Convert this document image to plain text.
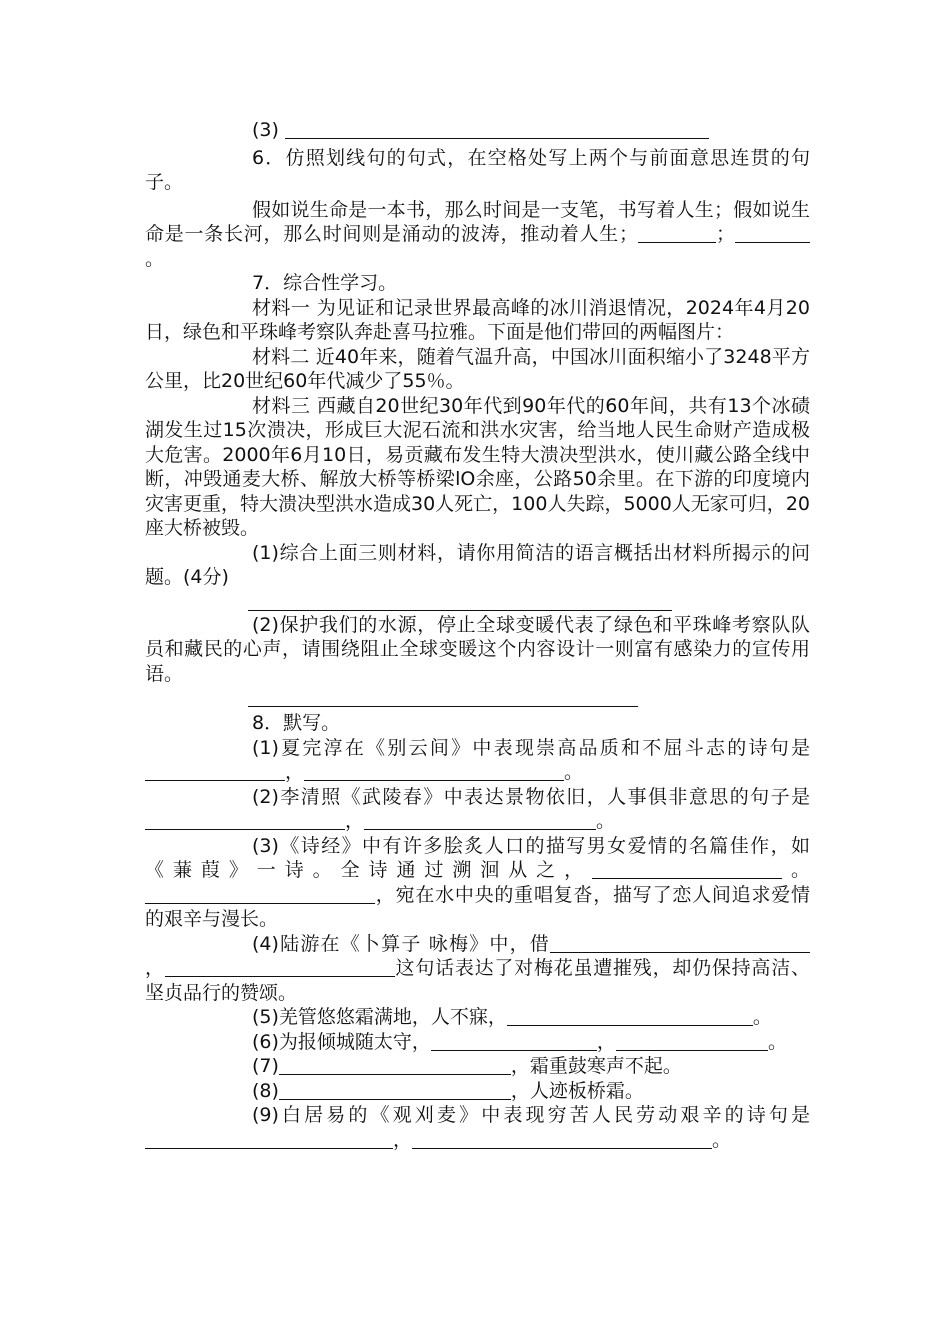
(3)

6．仿照划线句的句式，在空格处写上两个与前面意思连贯的句子。

假如说生命是一本书，那么时间是一支笔，书写着人生；假如说生命是一条长河，那么时间则是涌动的波涛，推动着人生；	；。

7．综合性学习。

材料一 为见证和记录世界最高峰的冰川消退情况，2024年4月20日，绿色和平珠峰考察队奔赴喜马拉雅。下面是他们带回的两幅图片：

材料二 近40年来，随着气温升高，中国冰川面积缩小了3248平方公里，比20世纪60年代减少了55％。

材料三 西藏自20世纪30年代到90年代的60年间，共有13个冰碛湖发生过15次溃决，形成巨大泥石流和洪水灾害，给当地人民生命财产造成极大危害。2000年6月10日，易贡藏布发生特大溃决型洪水，使川藏公路全线中断，冲毁通麦大桥、解放大桥等桥梁lO余座，公路50余里。在下游的印度境内灾害更重，特大溃决型洪水造成30人死亡，100人失踪，5000人无家可归，20座大桥被毁。

(1)综合上面三则材料，请你用简洁的语言概括出材料所揭示的问题。(4分)

(2)保护我们的水源，停止全球变暖代表了绿色和平珠峰考察队队员和藏民的心声，请围绕阻止全球变暖这个内容设计一则富有感染力的宣传用语。

8．默写。

(1)夏完淳在《别云间》中表现崇高品质和不屈斗志的诗句是，	。

(2)李清照《武陵春》中表达景物依旧，人事俱非意思的句子是，	。

(3)《诗经》中有许多脍炙人口的描写男女爱情的名篇佳作，如《蒹葭》一诗。全诗通过溯洄从之，	。，宛在水中央的重唱复沓，描写了恋人间追求爱情的艰辛与漫长。

(4)陆游在《卜算子 咏梅》中，借，	这句话表达了对梅花虽遭摧残，却仍保持高洁、坚贞品行的赞颂。

(5)羌管悠悠霜满地，人不寐，	。

(6)为报倾城随太守，	，	。

(7)	，霜重鼓寒声不起。

(8)	，人迹板桥霜。

(9)白居易的《观刈麦》中表现穷苦人民劳动艰辛的诗句是，	。
